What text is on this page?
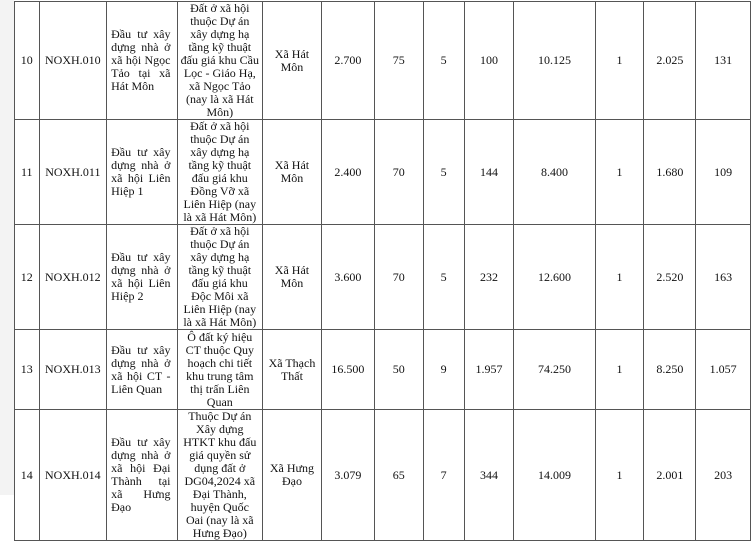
10	NOXH.010	Đầu tư xây dựng nhà ở xã hội Ngọc Tảo tại xã Hát Môn	Đất ở xã hội thuộc Dự án xây dựng hạ tầng kỹ thuật đấu giá khu Cầu Lọc - Giáo Hạ, xã Ngọc Tảo (nay là xã Hát Môn)	Xã Hát Môn	2.700	75	5	100	10.125	1	2.025	131
11	NOXH.011	Đầu tư xây dựng nhà ở xã hội Liên Hiệp 1	Đất ở xã hội thuộc Dự án xây dựng hạ tầng kỹ thuật đấu giá khu Đồng Vỡ xã Liên Hiệp (nay là xã Hát Môn)	Xã Hát Môn	2.400	70	5	144	8.400	1	1.680	109
12	NOXH.012	Đầu tư xây dựng nhà ở xã hội Liên Hiệp 2	Đất ở xã hội thuộc Dự án xây dựng hạ tầng kỹ thuật đấu giá khu Độc Môi xã Liên Hiệp (nay là xã Hát Môn)	Xã Hát Môn	3.600	70	5	232	12.600	1	2.520	163
13	NOXH.013	Đầu tư xây dựng nhà ở xã hội CT - Liên Quan	Ô đất ký hiệu CT thuộc Quy hoạch chi tiết khu trung tâm thị trấn Liên Quan	Xã Thạch Thất	16.500	50	9	1.957	74.250	1	8.250	1.057
14	NOXH.014	Đầu tư xây dựng nhà ở xã hội Đại Thành tại xã Hưng Đạo	Thuộc Dự án Xây dựng HTKT khu đấu giá quyền sử dụng đất ở DG04,2024 xã Đại Thành, huyện Quốc Oai (nay là xã Hưng Đạo)	Xã Hưng Đạo	3.079	65	7	344	14.009	1	2.001	203
